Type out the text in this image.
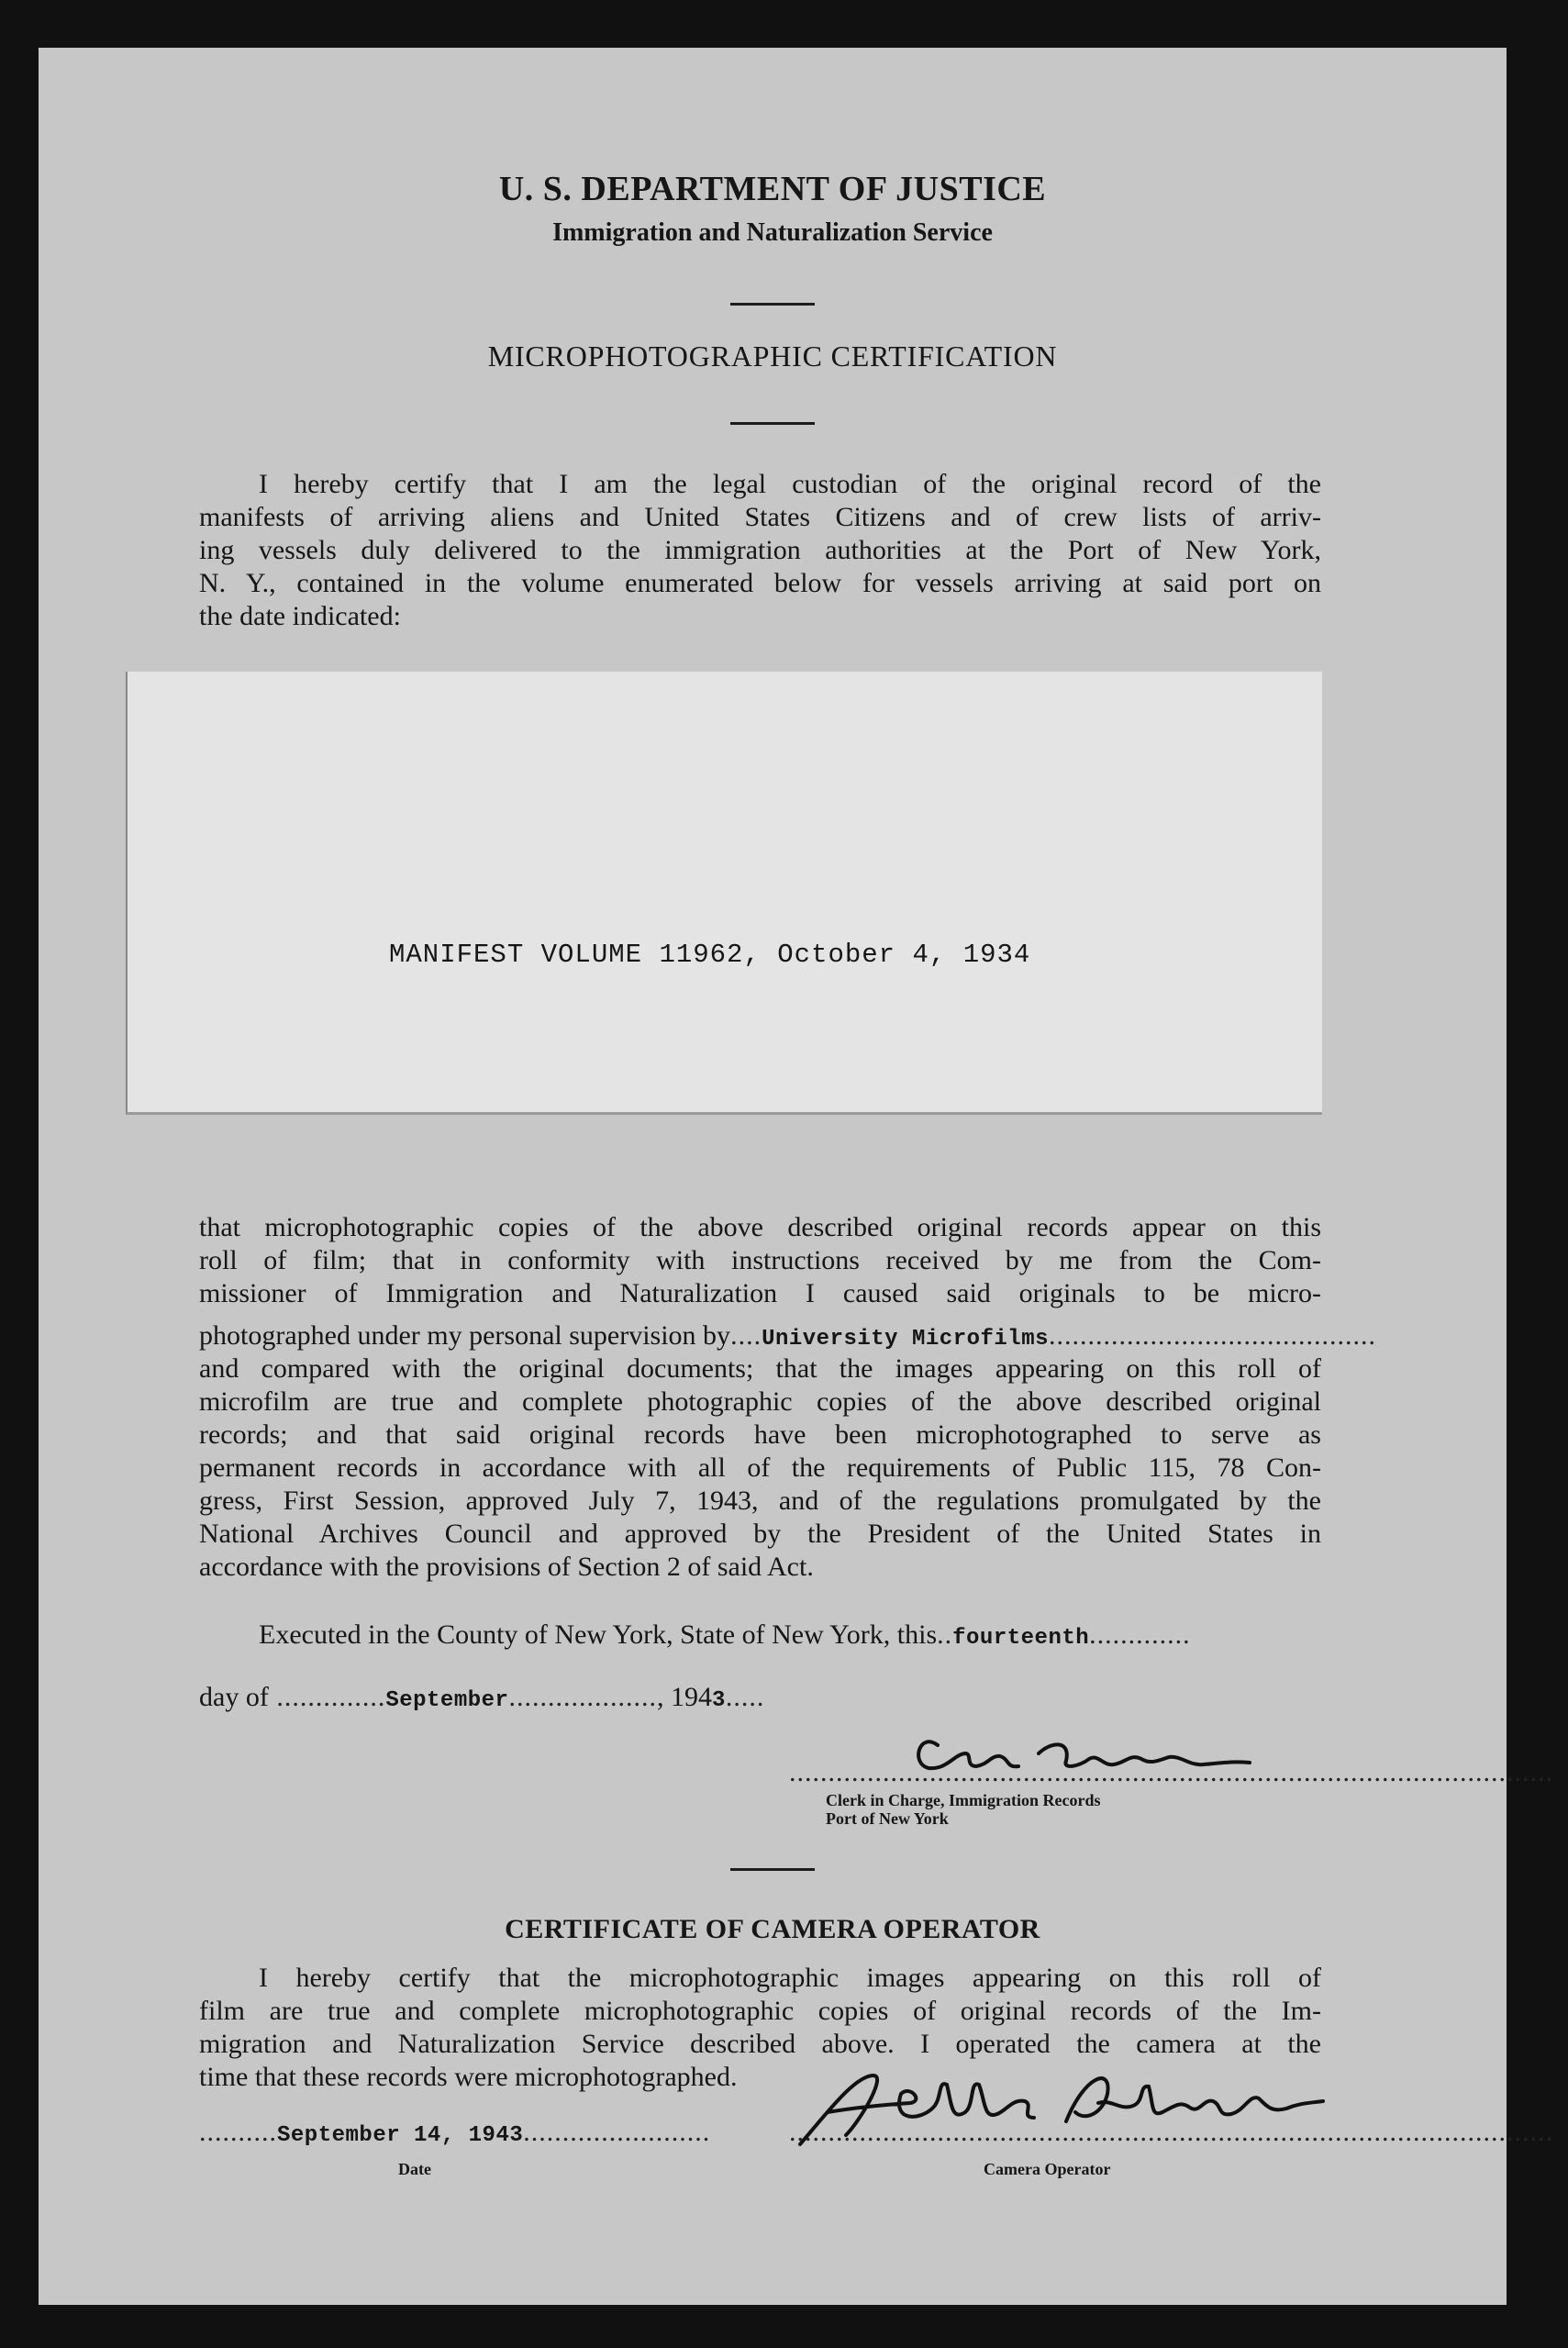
U. S. DEPARTMENT OF JUSTICE
Immigration and Naturalization Service
MICROPHOTOGRAPHIC CERTIFICATION
I hereby certify that I am the legal custodian of the original record of the
manifests of arriving aliens and United States Citizens and of crew lists of arriv-
ing vessels duly delivered to the immigration authorities at the Port of New York,
N. Y., contained in the volume enumerated below for vessels arriving at said port on
the date indicated:
MANIFEST VOLUME 11962, October 4, 1934
that microphotographic copies of the above described original records appear on this
roll of film; that in conformity with instructions received by me from the Com-
missioner of Immigration and Naturalization I caused said originals to be micro-
photographed under my personal supervision by .... University Microfilms ..........................................
and compared with the original documents; that the images appearing on this roll of
microfilm are true and complete photographic copies of the above described original
records; and that said original records have been microphotographed to serve as
permanent records in accordance with all of the requirements of Public 115, 78 Con-
gress, First Session, approved July 7, 1943, and of the regulations promulgated by the
National Archives Council and approved by the President of the United States in
accordance with the provisions of Section 2 of said Act.
Executed in the County of New York, State of New York, this .. fourteenth .............
day of .............. September ................... , 194 3 .....
..................................................................................................
Clerk in Charge, Immigration Records
Port of New York
CERTIFICATE OF CAMERA OPERATOR
I hereby certify that the microphotographic images appearing on this roll of
film are true and complete microphotographic copies of original records of the Im-
migration and Naturalization Service described above. I operated the camera at the
time that these records were microphotographed.
.......... September 14, 1943 ........................
Date
..................................................................................................
Camera Operator
